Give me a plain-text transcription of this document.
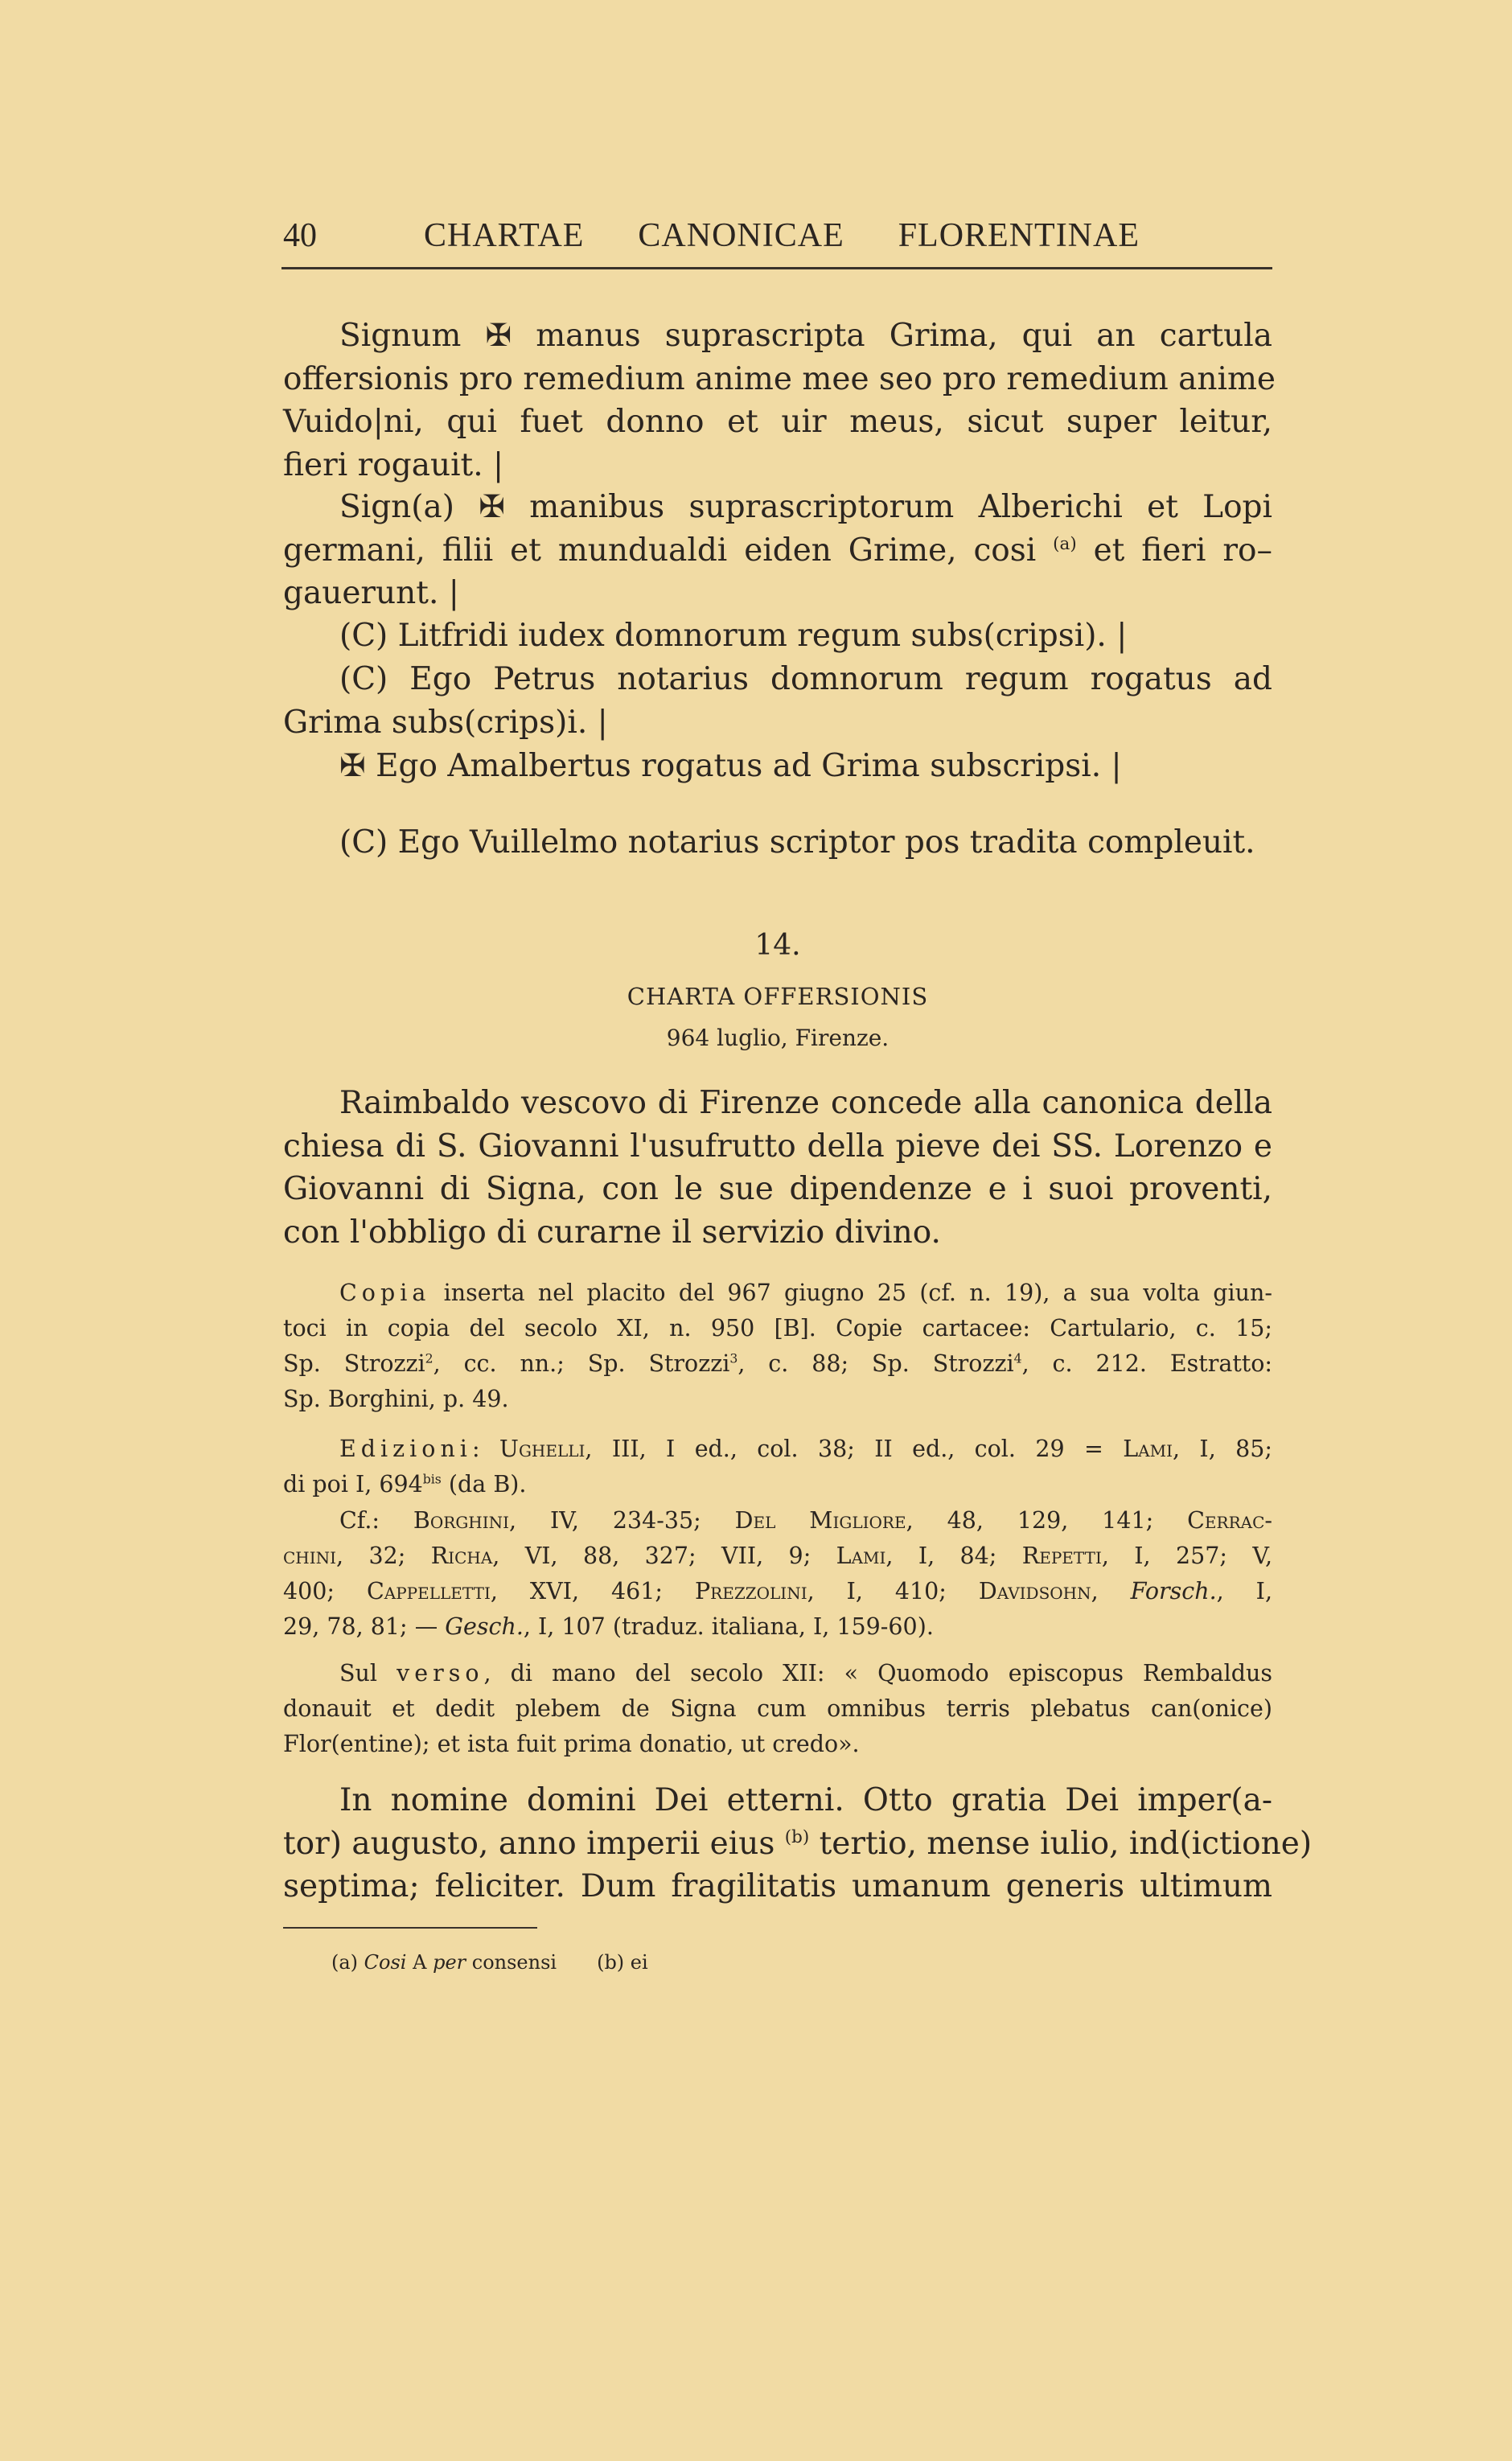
40	CHARTAE CANONICAE FLORENTINAE
Signum ✠ manus suprascripta Grima, qui an cartula
offersionis pro remedium anime mee seo pro remedium anime
Vuido|ni, qui fuet donno et uir meus, sicut super leitur,
fieri rogauit. |
Sign(a) ✠ manibus suprascriptorum Alberichi et Lopi
germani, filii et mundualdi eiden Grime, cosi $^{(a)}$ et fieri ro–
gauerunt. |
(C) Litfridi iudex domnorum regum subs(cripsi). |
(C) Ego Petrus notarius domnorum regum rogatus ad
Grima subs(crips)i. |
✠ Ego Amalbertus rogatus ad Grima subscripsi. |
(C) Ego Vuillelmo notarius scriptor pos tradita compleuit.
14.
CHARTA OFFERSIONIS
964 luglio, Firenze.
Raimbaldo vescovo di Firenze concede alla canonica della
chiesa di S. Giovanni l'usufrutto della pieve dei SS. Lorenzo e
Giovanni di Signa, con le sue dipendenze e i suoi proventi,
con l'obbligo di curarne il servizio divino.
Copia inserta nel placito del 967 giugno 25 (cf. n. 19), a sua volta giun-
toci in copia del secolo XI, n. 950 [B]. Copie cartacee: Cartulario, c. 15;
Sp. Strozzi$^2$, cc. nn.; Sp. Strozzi$^3$, c. 88; Sp. Strozzi$^4$, c. 212. Estratto:
Sp. Borghini, p. 49.
Edizioni: Ughelli, III, I ed., col. 38; II ed., col. 29 = Lami, I, 85;
di poi I, $694^{bis}$ (da B).
Cf.: Borghini, IV, 234-35; Del Migliore, 48, 129, 141; Cerrac-
chini, 32; Richa, VI, 88, 327; VII, 9; Lami, I, 84; Repetti, I, 257; V,
400; Cappelletti, XVI, 461; Prezzolini, I, 410; Davidsohn, Forsch., I,
29, 78, 81; — Gesch., I, 107 (traduz. italiana, I, 159-60).
Sul verso, di mano del secolo XII: « Quomodo episcopus Rembaldus
donauit et dedit plebem de Signa cum omnibus terris plebatus can(onice)
Flor(entine); et ista fuit prima donatio, ut credo».
In nomine domini Dei etterni. Otto gratia Dei imper(a-
tor) augusto, anno imperii eius $^{(b)}$ tertio, mense iulio, ind(ictione)
septima; feliciter. Dum fragilitatis umanum generis ultimum
(a) Cosi A per consensi (b) ei
